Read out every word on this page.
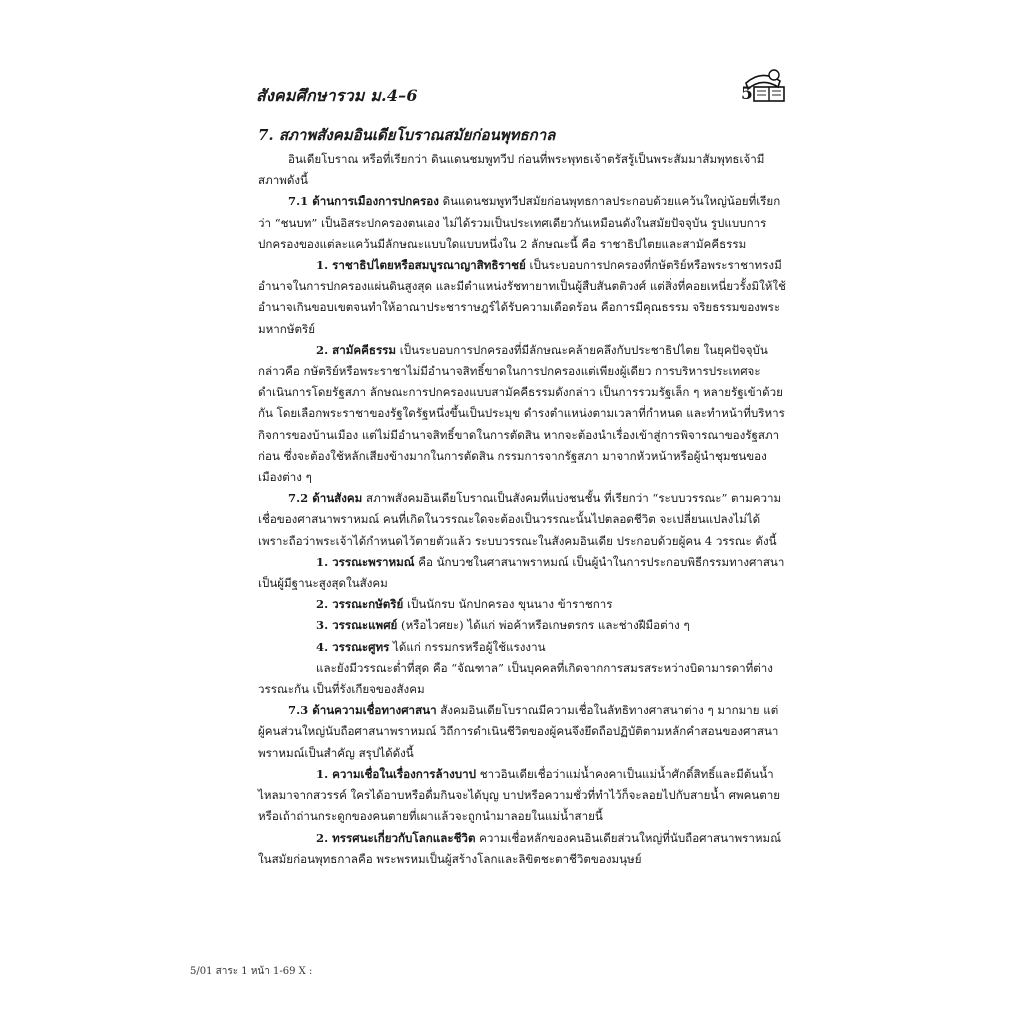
สังคมศึกษารวม ม.4–6	5
7. สภาพสังคมอินเดียโบราณสมัยก่อนพุทธกาล

อินเดียโบราณ หรือที่เรียกว่า ดินแดนชมพูทวีป ก่อนที่พระพุทธเจ้าตรัสรู้เป็นพระสัมมาสัมพุทธเจ้ามีสภาพดังนี้

7.1 ด้านการเมืองการปกครอง ดินแดนชมพูทวีปสมัยก่อนพุทธกาลประกอบด้วยแคว้นใหญ่น้อยที่เรียกว่า “ชนบท” เป็นอิสระปกครองตนเอง ไม่ได้รวมเป็นประเทศเดียวกันเหมือนดังในสมัยปัจจุบัน รูปแบบการปกครองของแต่ละแคว้นมีลักษณะแบบใดแบบหนึ่งใน 2 ลักษณะนี้ คือ ราชาธิปไตยและสามัคคีธรรม

1. ราชาธิปไตยหรือสมบูรณาญาสิทธิราชย์ เป็นระบอบการปกครองที่กษัตริย์หรือพระราชาทรงมีอำนาจในการปกครองแผ่นดินสูงสุด และมีตำแหน่งรัชทายาทเป็นผู้สืบสันตติวงศ์ แต่สิ่งที่คอยเหนี่ยวรั้งมิให้ใช้อำนาจเกินขอบเขตจนทำให้อาณาประชาราษฎร์ได้รับความเดือดร้อน คือการมีคุณธรรม จริยธรรมของพระมหากษัตริย์

2. สามัคคีธรรม เป็นระบอบการปกครองที่มีลักษณะคล้ายคลึงกับประชาธิปไตย ในยุคปัจจุบัน กล่าวคือ กษัตริย์หรือพระราชาไม่มีอำนาจสิทธิ์ขาดในการปกครองแต่เพียงผู้เดียว การบริหารประเทศจะดำเนินการโดยรัฐสภา ลักษณะการปกครองแบบสามัคคีธรรมดังกล่าว เป็นการรวมรัฐเล็ก ๆ หลายรัฐเข้าด้วยกัน โดยเลือกพระราชาของรัฐใดรัฐหนึ่งขึ้นเป็นประมุข ดำรงตำแหน่งตามเวลาที่กำหนด และทำหน้าที่บริหารกิจการของบ้านเมือง แต่ไม่มีอำนาจสิทธิ์ขาดในการตัดสิน หากจะต้องนำเรื่องเข้าสู่การพิจารณาของรัฐสภาก่อน ซึ่งจะต้องใช้หลักเสียงข้างมากในการตัดสิน กรรมการจากรัฐสภา มาจากหัวหน้าหรือผู้นำชุมชนของเมืองต่าง ๆ

7.2 ด้านสังคม สภาพสังคมอินเดียโบราณเป็นสังคมที่แบ่งชนชั้น ที่เรียกว่า “ระบบวรรณะ” ตามความเชื่อของศาสนาพราหมณ์ คนที่เกิดในวรรณะใดจะต้องเป็นวรรณะนั้นไปตลอดชีวิต จะเปลี่ยนแปลงไม่ได้ เพราะถือว่าพระเจ้าได้กำหนดไว้ตายตัวแล้ว ระบบวรรณะในสังคมอินเดีย ประกอบด้วยผู้คน 4 วรรณะ ดังนี้

1. วรรณะพราหมณ์ คือ นักบวชในศาสนาพราหมณ์ เป็นผู้นำในการประกอบพิธีกรรมทางศาสนา เป็นผู้มีฐานะสูงสุดในสังคม

2. วรรณะกษัตริย์ เป็นนักรบ นักปกครอง ขุนนาง ข้าราชการ

3. วรรณะแพศย์ (หรือไวศยะ) ได้แก่ พ่อค้าหรือเกษตรกร และช่างฝีมือต่าง ๆ

4. วรรณะศูทร ได้แก่ กรรมกรหรือผู้ใช้แรงงาน

และยังมีวรรณะต่ำที่สุด คือ “จัณฑาล” เป็นบุคคลที่เกิดจากการสมรสระหว่างบิดามารดาที่ต่างวรรณะกัน เป็นที่รังเกียจของสังคม

7.3 ด้านความเชื่อทางศาสนา สังคมอินเดียโบราณมีความเชื่อในลัทธิทางศาสนาต่าง ๆ มากมาย แต่ผู้คนส่วนใหญ่นับถือศาสนาพราหมณ์ วิถีการดำเนินชีวิตของผู้คนจึงยึดถือปฏิบัติตามหลักคำสอนของศาสนาพราหมณ์เป็นสำคัญ สรุปได้ดังนี้

1. ความเชื่อในเรื่องการล้างบาป ชาวอินเดียเชื่อว่าแม่น้ำคงคาเป็นแม่น้ำศักดิ์สิทธิ์และมีต้นน้ำไหลมาจากสวรรค์ ใครได้อาบหรือดื่มกินจะได้บุญ บาปหรือความชั่วที่ทำไว้ก็จะลอยไปกับสายน้ำ ศพคนตาย หรือเถ้าถ่านกระดูกของคนตายที่เผาแล้วจะถูกนำมาลอยในแม่น้ำสายนี้

2. ทรรศนะเกี่ยวกับโลกและชีวิต ความเชื่อหลักของคนอินเดียส่วนใหญ่ที่นับถือศาสนาพราหมณ์ในสมัยก่อนพุทธกาลคือ พระพรหมเป็นผู้สร้างโลกและลิขิตชะตาชีวิตของมนุษย์

5/01 สาระ 1 หน้า 1-69 X :
